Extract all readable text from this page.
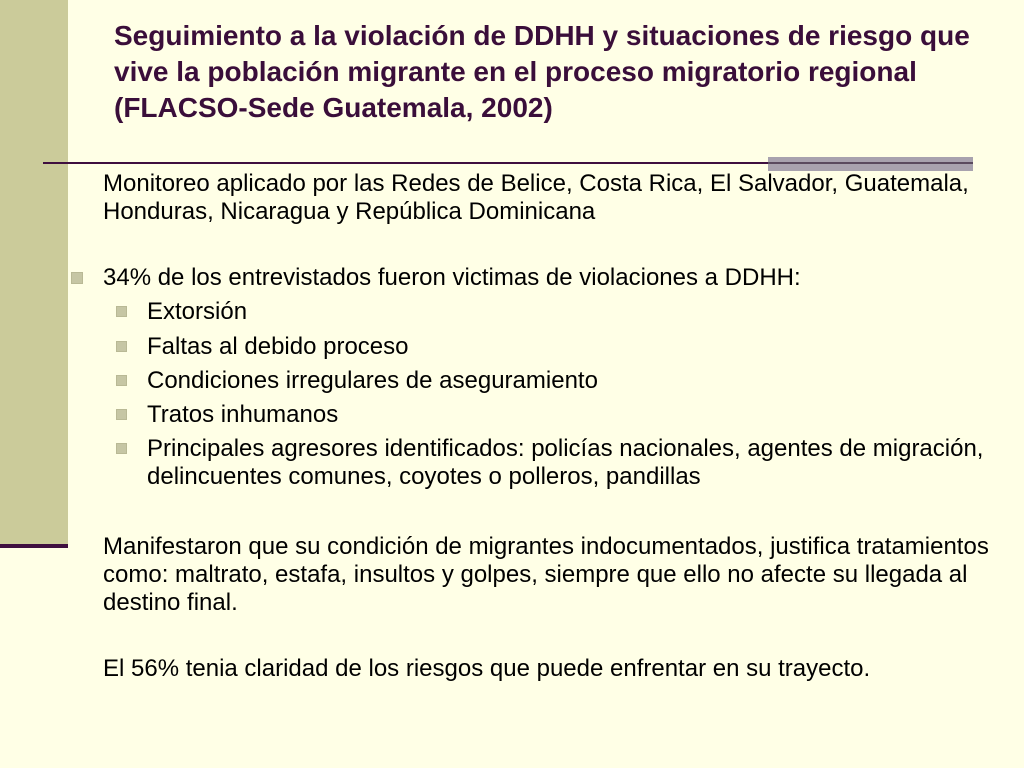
Seguimiento a la violación de DDHH y situaciones de riesgo que vive la población migrante en el proceso migratorio regional (FLACSO-Sede Guatemala, 2002)

Monitoreo aplicado por las Redes de Belice, Costa Rica, El Salvador, Guatemala, Honduras, Nicaragua y República Dominicana

34% de los entrevistados fueron victimas de violaciones a DDHH:
Extorsión
Faltas al debido proceso
Condiciones irregulares de aseguramiento
Tratos inhumanos
Principales agresores identificados: policías nacionales, agentes de migración, delincuentes comunes, coyotes o polleros, pandillas

Manifestaron que su condición de migrantes indocumentados, justifica tratamientos como: maltrato, estafa, insultos y golpes, siempre que ello no afecte su llegada al destino final.

El 56% tenia claridad de los riesgos que puede enfrentar en su trayecto.
